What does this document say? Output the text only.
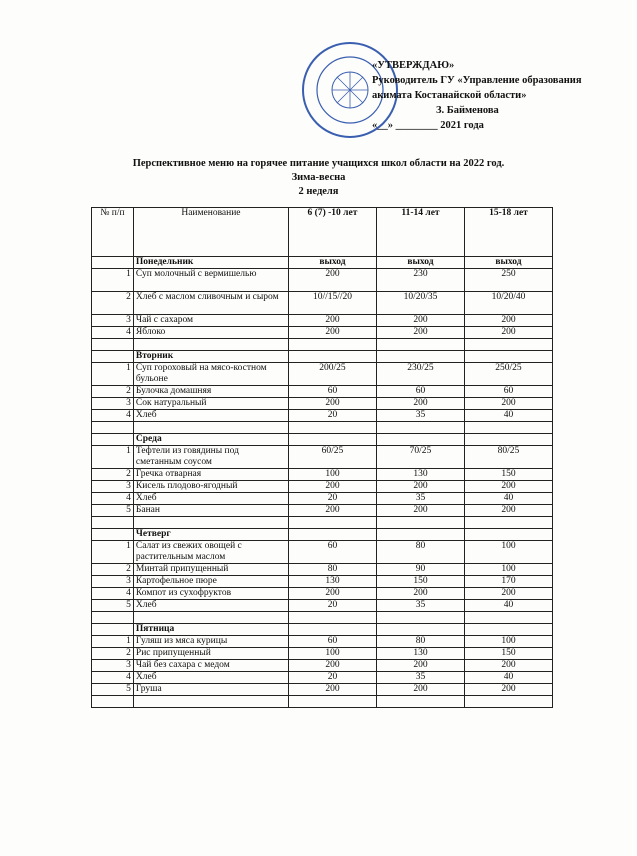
«УТВЕРЖДАЮ»
Руководитель ГУ «Управление образования
акимата Костанайской области»
З. Байменова
«__» ________ 2021 года
Перспективное меню на горячее питание учащихся школ области на 2022 год.
Зима-весна
2 неделя
№ п/п	Наименование	6 (7) -10 лет	11-14 лет	15-18 лет
	Понедельник	выход	выход	выход
1	Суп молочный с вермишелью	200	230	250
2	Хлеб с маслом сливочным и сыром	10//15//20	10/20/35	10/20/40
3	Чай с сахаром	200	200	200
4	Яблоко	200	200	200

	Вторник			
1	Суп гороховый на мясо-костном бульоне	200/25	230/25	250/25
2	Булочка домашняя	60	60	60
3	Сок натуральный	200	200	200
4	Хлеб	20	35	40

	Среда			
1	Тефтели из говядины под сметанным соусом	60/25	70/25	80/25
2	Гречка отварная	100	130	150
3	Кисель плодово-ягодный	200	200	200
4	Хлеб	20	35	40
5	Банан	200	200	200

	Четверг			
1	Салат из свежих овощей с растительным маслом	60	80	100
2	Минтай припущенный	80	90	100
3	Картофельное пюре	130	150	170
4	Компот из сухофруктов	200	200	200
5	Хлеб	20	35	40

	Пятница			
1	Гуляш из мяса курицы	60	80	100
2	Рис припущенный	100	130	150
3	Чай без сахара с медом	200	200	200
4	Хлеб	20	35	40
5	Груша	200	200	200
